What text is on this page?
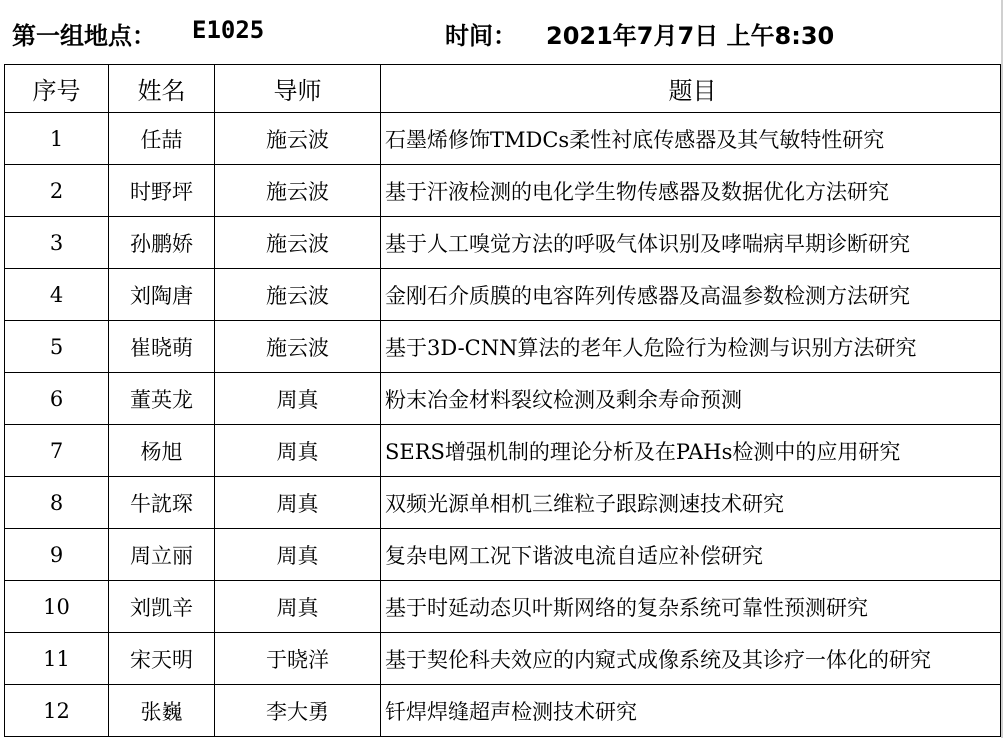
第一组地点： E1025	时间： 2021年7月7日 上午8:30
序号	姓名	导师	题目
1	任喆	施云波	石墨烯修饰TMDCs柔性衬底传感器及其气敏特性研究
2	时野坪	施云波	基于汗液检测的电化学生物传感器及数据优化方法研究
3	孙鹏娇	施云波	基于人工嗅觉方法的呼吸气体识别及哮喘病早期诊断研究
4	刘陶唐	施云波	金刚石介质膜的电容阵列传感器及高温参数检测方法研究
5	崔晓萌	施云波	基于3D-CNN算法的老年人危险行为检测与识别方法研究
6	董英龙	周真	粉末冶金材料裂纹检测及剩余寿命预测
7	杨旭	周真	SERS增强机制的理论分析及在PAHs检测中的应用研究
8	牛訦琛	周真	双频光源单相机三维粒子跟踪测速技术研究
9	周立丽	周真	复杂电网工况下谐波电流自适应补偿研究
10	刘凯辛	周真	基于时延动态贝叶斯网络的复杂系统可靠性预测研究
11	宋天明	于晓洋	基于契伦科夫效应的内窥式成像系统及其诊疗一体化的研究
12	张巍	李大勇	钎焊焊缝超声检测技术研究
